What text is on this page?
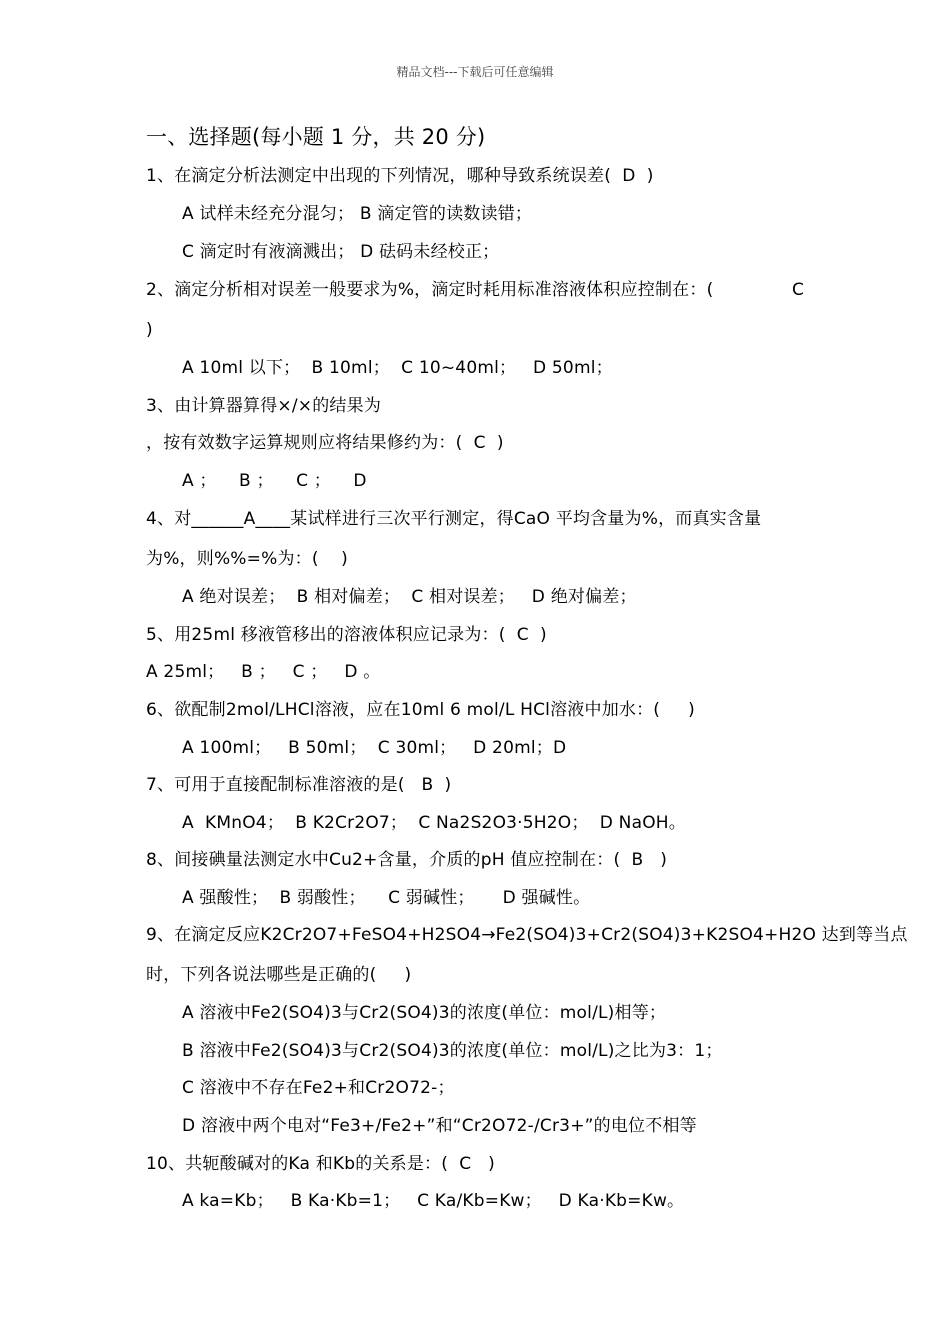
精品文档---下载后可任意编辑
一、选择题(每小题 1 分，共 20 分)
1、在滴定分析法测定中出现的下列情况，哪种导致系统误差(  D  )
A 试样未经充分混匀； B 滴定管的读数读错；
C 滴定时有液滴溅出； D 砝码未经校正；
2、滴定分析相对误差一般要求为%，滴定时耗用标准溶液体积应控制在：(	C
)
A 10ml 以下；  B 10ml；  C 10~40ml；   D 50ml；
3、由计算器算得×/×的结果为
，按有效数字运算规则应将结果修约为：(  C  )
A ；    B ；    C ；    D
4、对______A____某试样进行三次平行测定，得CaO 平均含量为%，而真实含量
为%，则%%=%为：(    )
A 绝对误差；  B 相对偏差；  C 相对误差；   D 绝对偏差；
5、用25ml 移液管移出的溶液体积应记录为：(  C  )
A 25ml；   B ；   C ；   D 。
6、欲配制2mol/LHCl溶液，应在10ml 6 mol/L HCl溶液中加水：(     )
A 100ml；   B 50ml；  C 30ml；   D 20ml；D
7、可用于直接配制标准溶液的是(   B  )
A  KMnO4；  B K2Cr2O7；  C Na2S2O3·5H2O；  D NaOH。
8、间接碘量法测定水中Cu2+含量，介质的pH 值应控制在：(  B   )
A 强酸性；  B 弱酸性；    C 弱碱性；     D 强碱性。
9、在滴定反应K2Cr2O7+FeSO4+H2SO4→Fe2(SO4)3+Cr2(SO4)3+K2SO4+H2O 达到等当点
时，下列各说法哪些是正确的(     )
A 溶液中Fe2(SO4)3与Cr2(SO4)3的浓度(单位：mol/L)相等；
B 溶液中Fe2(SO4)3与Cr2(SO4)3的浓度(单位：mol/L)之比为3：1；
C 溶液中不存在Fe2+和Cr2O72-；
D 溶液中两个电对“Fe3+/Fe2+”和“Cr2O72-/Cr3+”的电位不相等
10、共轭酸碱对的Ka 和Kb的关系是：(  C   )
A ka=Kb；   B Ka·Kb=1；   C Ka/Kb=Kw；   D Ka·Kb=Kw。
